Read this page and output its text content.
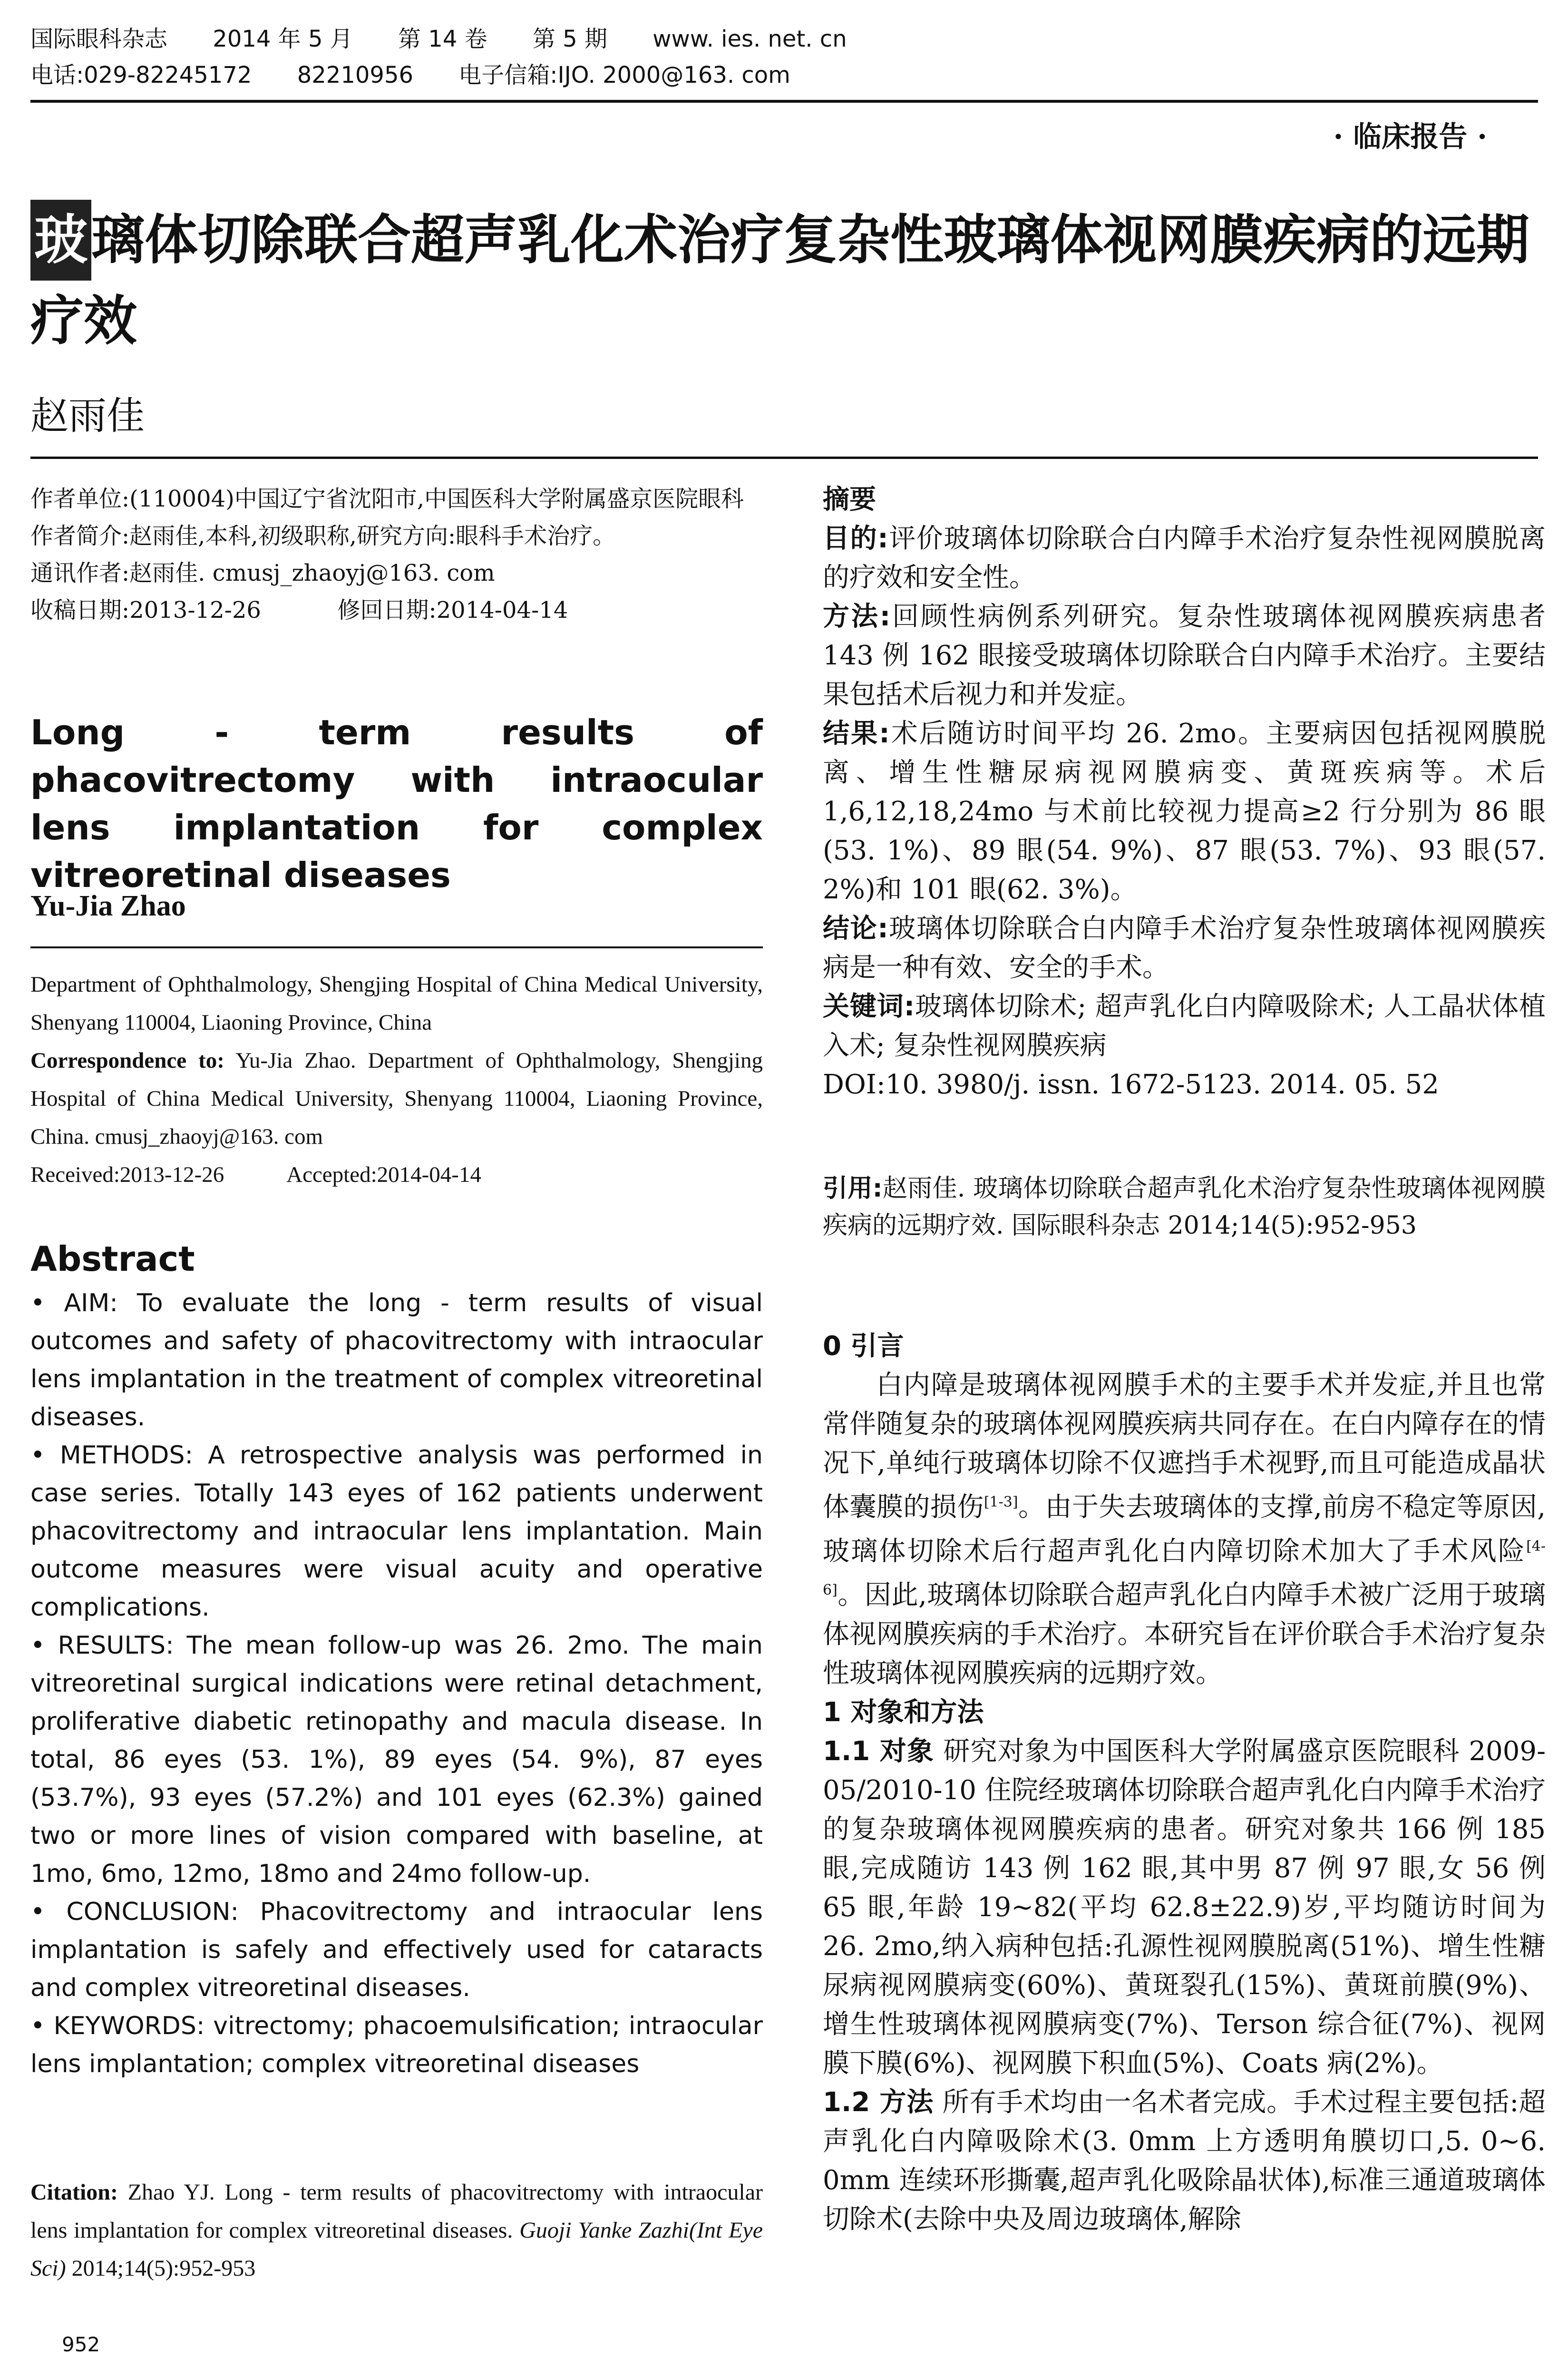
国际眼科杂志 2014 年 5 月 第 14 卷 第 5 期 www. ies. net. cn
电话:029-82245172 82210956 电子信箱:IJO. 2000@163. com
· 临床报告 ·
玻璃体切除联合超声乳化术治疗复杂性玻璃体视网膜疾病的远期疗效
赵雨佳
作者单位:(110004)中国辽宁省沈阳市,中国医科大学附属盛京医院眼科
作者简介:赵雨佳,本科,初级职称,研究方向:眼科手术治疗。
通讯作者:赵雨佳. cmusj_zhaoyj@163. com
收稿日期:2013-12-26	修回日期:2014-04-14
Long - term results of phacovitrectomy with intraocular lens implantation for complex vitreoretinal diseases
Yu-Jia Zhao
Department of Ophthalmology, Shengjing Hospital of China Medical University, Shenyang 110004, Liaoning Province, China
Correspondence to: Yu-Jia Zhao. Department of Ophthalmology, Shengjing Hospital of China Medical University, Shenyang 110004, Liaoning Province, China. cmusj_zhaoyj@163. com
Received:2013-12-26	Accepted:2014-04-14
Abstract

• AIM: To evaluate the long - term results of visual outcomes and safety of phacovitrectomy with intraocular lens implantation in the treatment of complex vitreoretinal diseases.

• METHODS: A retrospective analysis was performed in case series. Totally 143 eyes of 162 patients underwent phacovitrectomy and intraocular lens implantation. Main outcome measures were visual acuity and operative complications.

• RESULTS: The mean follow-up was 26. 2mo. The main vitreoretinal surgical indications were retinal detachment, proliferative diabetic retinopathy and macula disease. In total, 86 eyes (53. 1%), 89 eyes (54. 9%), 87 eyes (53.7%), 93 eyes (57.2%) and 101 eyes (62.3%) gained two or more lines of vision compared with baseline, at 1mo, 6mo, 12mo, 18mo and 24mo follow-up.

• CONCLUSION: Phacovitrectomy and intraocular lens implantation is safely and effectively used for cataracts and complex vitreoretinal diseases.

• KEYWORDS: vitrectomy; phacoemulsification; intraocular lens implantation; complex vitreoretinal diseases

Citation: Zhao YJ. Long - term results of phacovitrectomy with intraocular lens implantation for complex vitreoretinal diseases. Guoji Yanke Zazhi(Int Eye Sci) 2014;14(5):952-953
952

摘要

目的:评价玻璃体切除联合白内障手术治疗复杂性视网膜脱离的疗效和安全性。

方法:回顾性病例系列研究。复杂性玻璃体视网膜疾病患者 143 例 162 眼接受玻璃体切除联合白内障手术治疗。主要结果包括术后视力和并发症。

结果:术后随访时间平均 26. 2mo。主要病因包括视网膜脱离、增生性糖尿病视网膜病变、黄斑疾病等。术后 1,6,12,18,24mo 与术前比较视力提高≥2 行分别为 86 眼(53. 1%)、89 眼(54. 9%)、87 眼(53. 7%)、93 眼(57. 2%)和 101 眼(62. 3%)。

结论:玻璃体切除联合白内障手术治疗复杂性玻璃体视网膜疾病是一种有效、安全的手术。

关键词:玻璃体切除术; 超声乳化白内障吸除术; 人工晶状体植入术; 复杂性视网膜疾病

DOI:10. 3980/j. issn. 1672-5123. 2014. 05. 52

引用:赵雨佳. 玻璃体切除联合超声乳化术治疗复杂性玻璃体视网膜疾病的远期疗效. 国际眼科杂志 2014;14(5):952-953
0 引言
白内障是玻璃体视网膜手术的主要手术并发症,并且也常常伴随复杂的玻璃体视网膜疾病共同存在。在白内障存在的情况下,单纯行玻璃体切除不仅遮挡手术视野,而且可能造成晶状体囊膜的损伤[1-3]。由于失去玻璃体的支撑,前房不稳定等原因,玻璃体切除术后行超声乳化白内障切除术加大了手术风险[4-6]。因此,玻璃体切除联合超声乳化白内障手术被广泛用于玻璃体视网膜疾病的手术治疗。本研究旨在评价联合手术治疗复杂性玻璃体视网膜疾病的远期疗效。
1 对象和方法
1.1 对象 研究对象为中国医科大学附属盛京医院眼科 2009-05/2010-10 住院经玻璃体切除联合超声乳化白内障手术治疗的复杂玻璃体视网膜疾病的患者。研究对象共 166 例 185 眼,完成随访 143 例 162 眼,其中男 87 例 97 眼,女 56 例 65 眼,年龄 19~82(平均 62.8±22.9)岁,平均随访时间为 26. 2mo,纳入病种包括:孔源性视网膜脱离(51%)、增生性糖尿病视网膜病变(60%)、黄斑裂孔(15%)、黄斑前膜(9%)、增生性玻璃体视网膜病变(7%)、Terson 综合征(7%)、视网膜下膜(6%)、视网膜下积血(5%)、Coats 病(2%)。
1.2 方法 所有手术均由一名术者完成。手术过程主要包括:超声乳化白内障吸除术(3. 0mm 上方透明角膜切口,5. 0~6. 0mm 连续环形撕囊,超声乳化吸除晶状体),标准三通道玻璃体切除术(去除中央及周边玻璃体,解除
